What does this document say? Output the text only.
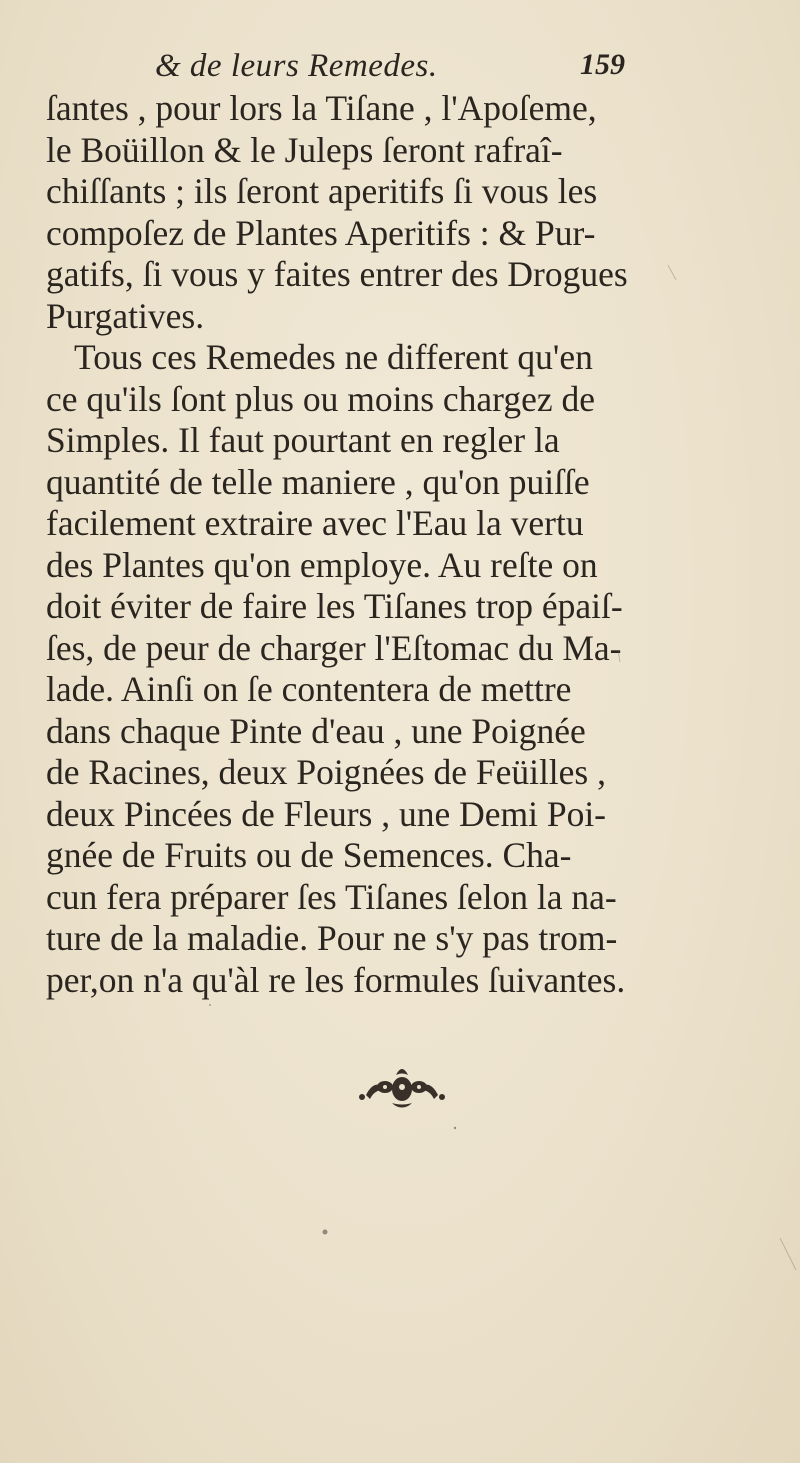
& de leurs Remedes.	159
ſantes , pour lors la Tiſane , l'Apoſeme,
le Boüillon & le Juleps ſeront rafraî-
chiſſants ; ils ſeront aperitifs ſi vous les
compoſez de Plantes Aperitifs : & Pur-
gatifs, ſi vous y faites entrer des Drogues
Purgatives.
Tous ces Remedes ne different qu'en
ce qu'ils ſont plus ou moins chargez de
Simples. Il faut pourtant en regler la
quantité de telle maniere , qu'on puiſſe
facilement extraire avec l'Eau la vertu
des Plantes qu'on employe. Au reſte on
doit éviter de faire les Tiſanes trop épaiſ-
ſes, de peur de charger l'Eſtomac du Ma-
lade. Ainſi on ſe contentera de mettre
dans chaque Pinte d'eau , une Poignée
de Racines, deux Poignées de Feüilles ,
deux Pincées de Fleurs , une Demi Poi-
gnée de Fruits ou de Semences. Cha-
cun fera préparer ſes Tiſanes ſelon la na-
ture de la maladie. Pour ne s'y pas trom-
per,on n'a qu'àl re les formules ſuivantes.
